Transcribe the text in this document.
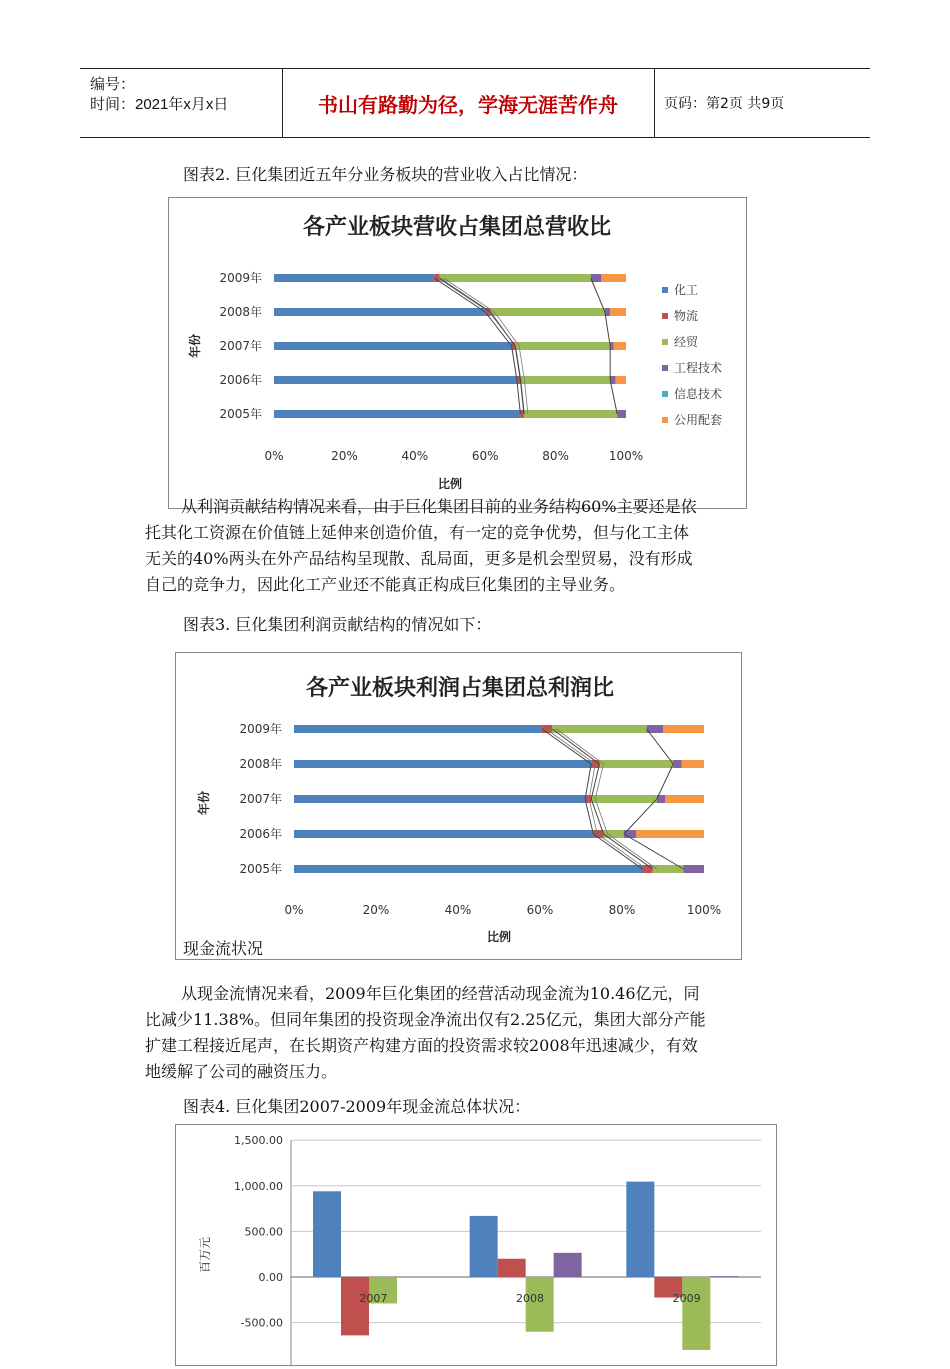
编号：
时间：2021年x月x日	书山有路勤为径，学海无涯苦作舟	页码：第2页 共9页
图表2. 巨化集团近五年分业务板块的营业收入占比情况：
各产业板块营收占集团总营收比
0%	20%	40%	60%	80%	100%
比例
年份
2009年
2008年
2007年
2006年
2005年
化工
物流
经贸
工程技术
信息技术
公用配套
从利润贡献结构情况来看，由于巨化集团目前的业务结构60%主要还是依
托其化工资源在价值链上延伸来创造价值，有一定的竞争优势，但与化工主体
无关的40%两头在外产品结构呈现散、乱局面，更多是机会型贸易，没有形成
自己的竞争力，因此化工产业还不能真正构成巨化集团的主导业务。
图表3. 巨化集团利润贡献结构的情况如下：
各产业板块利润占集团总利润比
0%	20%	40%	60%	80%	100%
比例
年份
2009年
2008年
2007年
2006年
2005年
现金流状况
从现金流情况来看，2009年巨化集团的经营活动现金流为10.46亿元，同
比减少11.38%。但同年集团的投资现金净流出仅有2.25亿元，集团大部分产能
扩建工程接近尾声，在长期资产构建方面的投资需求较2008年迅速减少，有效
地缓解了公司的融资压力。
图表4. 巨化集团2007-2009年现金流总体状况：
-500.00
0.00
500.00
1,000.00
1,500.00
百万元
2007	2008	2009
